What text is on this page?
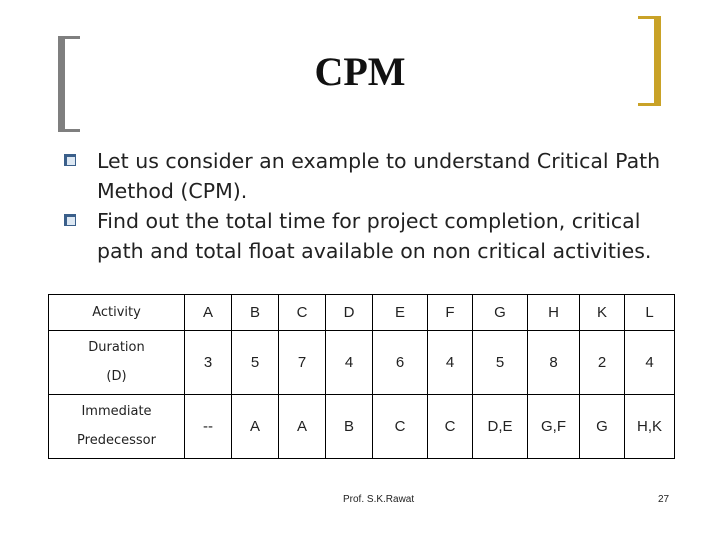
CPM
Let us consider an example to understand Critical Path Method (CPM).
Find out the total time for project completion, critical path and total float available on non critical activities.
Activity	A	B	C	D	E	F	G	H	K	L

Duration
(D)	3	5	7	4	6	4	5	8	2	4

Immediate
Predecessor	--	A	A	B	C	C	D,E	G,F	G	H,K
Prof. S.K.Rawat	27
